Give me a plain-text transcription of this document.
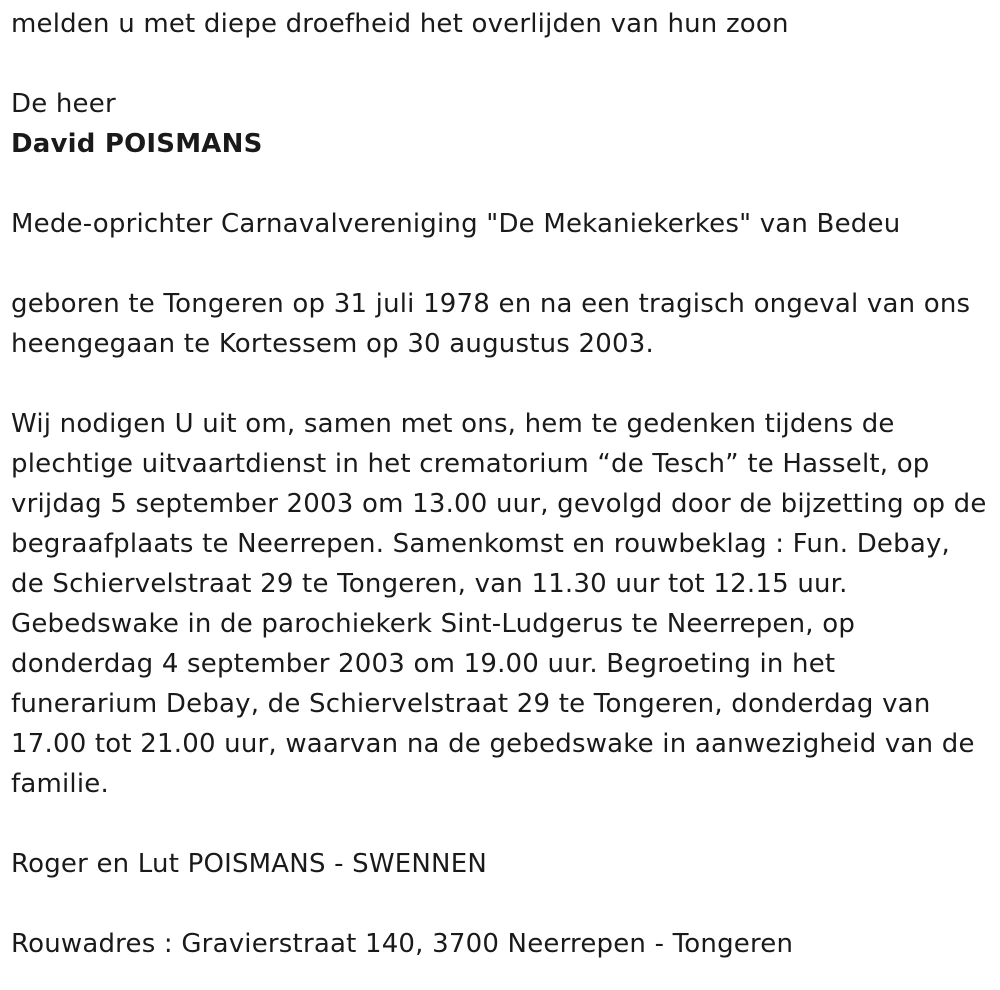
melden u met diepe droefheid het overlijden van hun zoon
De heer
David POISMANS
Mede-oprichter Carnavalvereniging "De Mekaniekerkes" van Bedeu
geboren te Tongeren op 31 juli 1978 en na een tragisch ongeval van ons
heengegaan te Kortessem op 30 augustus 2003.
Wij nodigen U uit om, samen met ons, hem te gedenken tijdens de
plechtige uitvaartdienst in het crematorium “de Tesch” te Hasselt, op
vrijdag 5 september 2003 om 13.00 uur, gevolgd door de bijzetting op de
begraafplaats te Neerrepen. Samenkomst en rouwbeklag : Fun. Debay,
de Schiervelstraat 29 te Tongeren, van 11.30 uur tot 12.15 uur.
Gebedswake in de parochiekerk Sint-Ludgerus te Neerrepen, op
donderdag 4 september 2003 om 19.00 uur. Begroeting in het
funerarium Debay, de Schiervelstraat 29 te Tongeren, donderdag van
17.00 tot 21.00 uur, waarvan na de gebedswake in aanwezigheid van de
familie.
Roger en Lut POISMANS - SWENNEN
Rouwadres : Gravierstraat 140, 3700 Neerrepen - Tongeren
